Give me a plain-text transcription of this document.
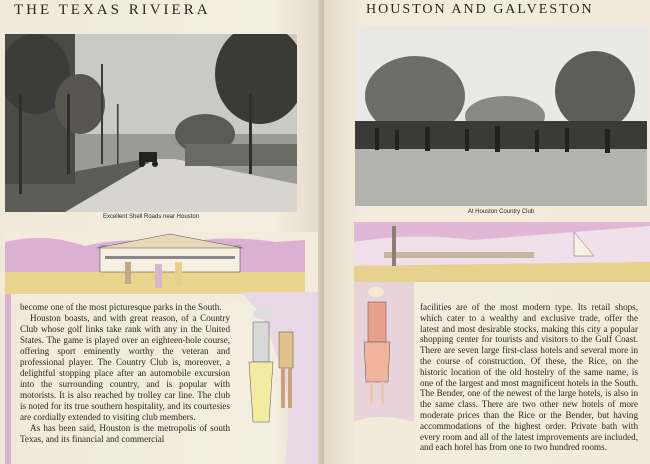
THE TEXAS RIVIERA
Excellent Shell Roads near Houston

become one of the most picturesque parks in the South.

Houston boasts, and with great reason, of a Country Club whose golf links take rank with any in the United States. The game is played over an eighteen-hole course, offering sport eminently worthy the veteran and professional player. The Country Club is, moreover, a delightful stopping place after an automobile excursion into the surrounding country, and is popular with motorists. It is also reached by trolley car line. The club is noted for its true southern hospitality, and its courtesies are cordially extended to visiting club members.

As has been said, Houston is the metropolis of south Texas, and its financial and commercial

HOUSTON AND GALVESTON
At Houston Country Club

facilities are of the most modern type. Its retail shops, which cater to a wealthy and exclusive trade, offer the latest and most desirable stocks, making this city a popular shopping center for tourists and visitors to the Gulf Coast. There are seven large first-class hotels and several more in the course of construction. Of these, the Rice, on the historic location of the old hostelry of the same name, is one of the largest and most magnificent hotels in the South. The Bender, one of the newest of the large hotels, is also in the same class. There are two other new hotels of more moderate prices than the Rice or the Bender, but having accommodations of the highest order. Private bath with every room and all of the latest improvements are included, and each hotel has from one to two hundred rooms.
